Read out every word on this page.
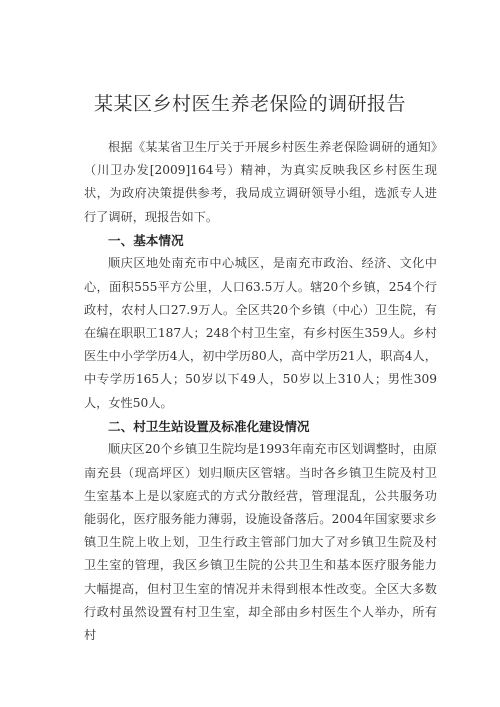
某某区乡村医生养老保险的调研报告

根据《某某省卫生厅关于开展乡村医生养老保险调研的通知》（川卫办发[2009]164号）精神，为真实反映我区乡村医生现状，为政府决策提供参考，我局成立调研领导小组，选派专人进行了调研，现报告如下。

一、基本情况

顺庆区地处南充市中心城区，是南充市政治、经济、文化中心，面积555平方公里，人口63.5万人。辖20个乡镇，254个行政村，农村人口27.9万人。全区共20个乡镇（中心）卫生院，有在编在职职工187人；248个村卫生室，有乡村医生359人。乡村医生中小学学历4人，初中学历80人，高中学历21人，职高4人，中专学历165人；50岁以下49人，50岁以上310人；男性309人，女性50人。

二、村卫生站设置及标准化建设情况

顺庆区20个乡镇卫生院均是1993年南充市区划调整时，由原南充县（现高坪区）划归顺庆区管辖。当时各乡镇卫生院及村卫生室基本上是以家庭式的方式分散经营，管理混乱，公共服务功能弱化，医疗服务能力薄弱，设施设备落后。2004年国家要求乡镇卫生院上收上划，卫生行政主管部门加大了对乡镇卫生院及村卫生室的管理，我区乡镇卫生院的公共卫生和基本医疗服务能力大幅提高，但村卫生室的情况并未得到根本性改变。全区大多数行政村虽然设置有村卫生室，却全部由乡村医生个人举办，所有村
